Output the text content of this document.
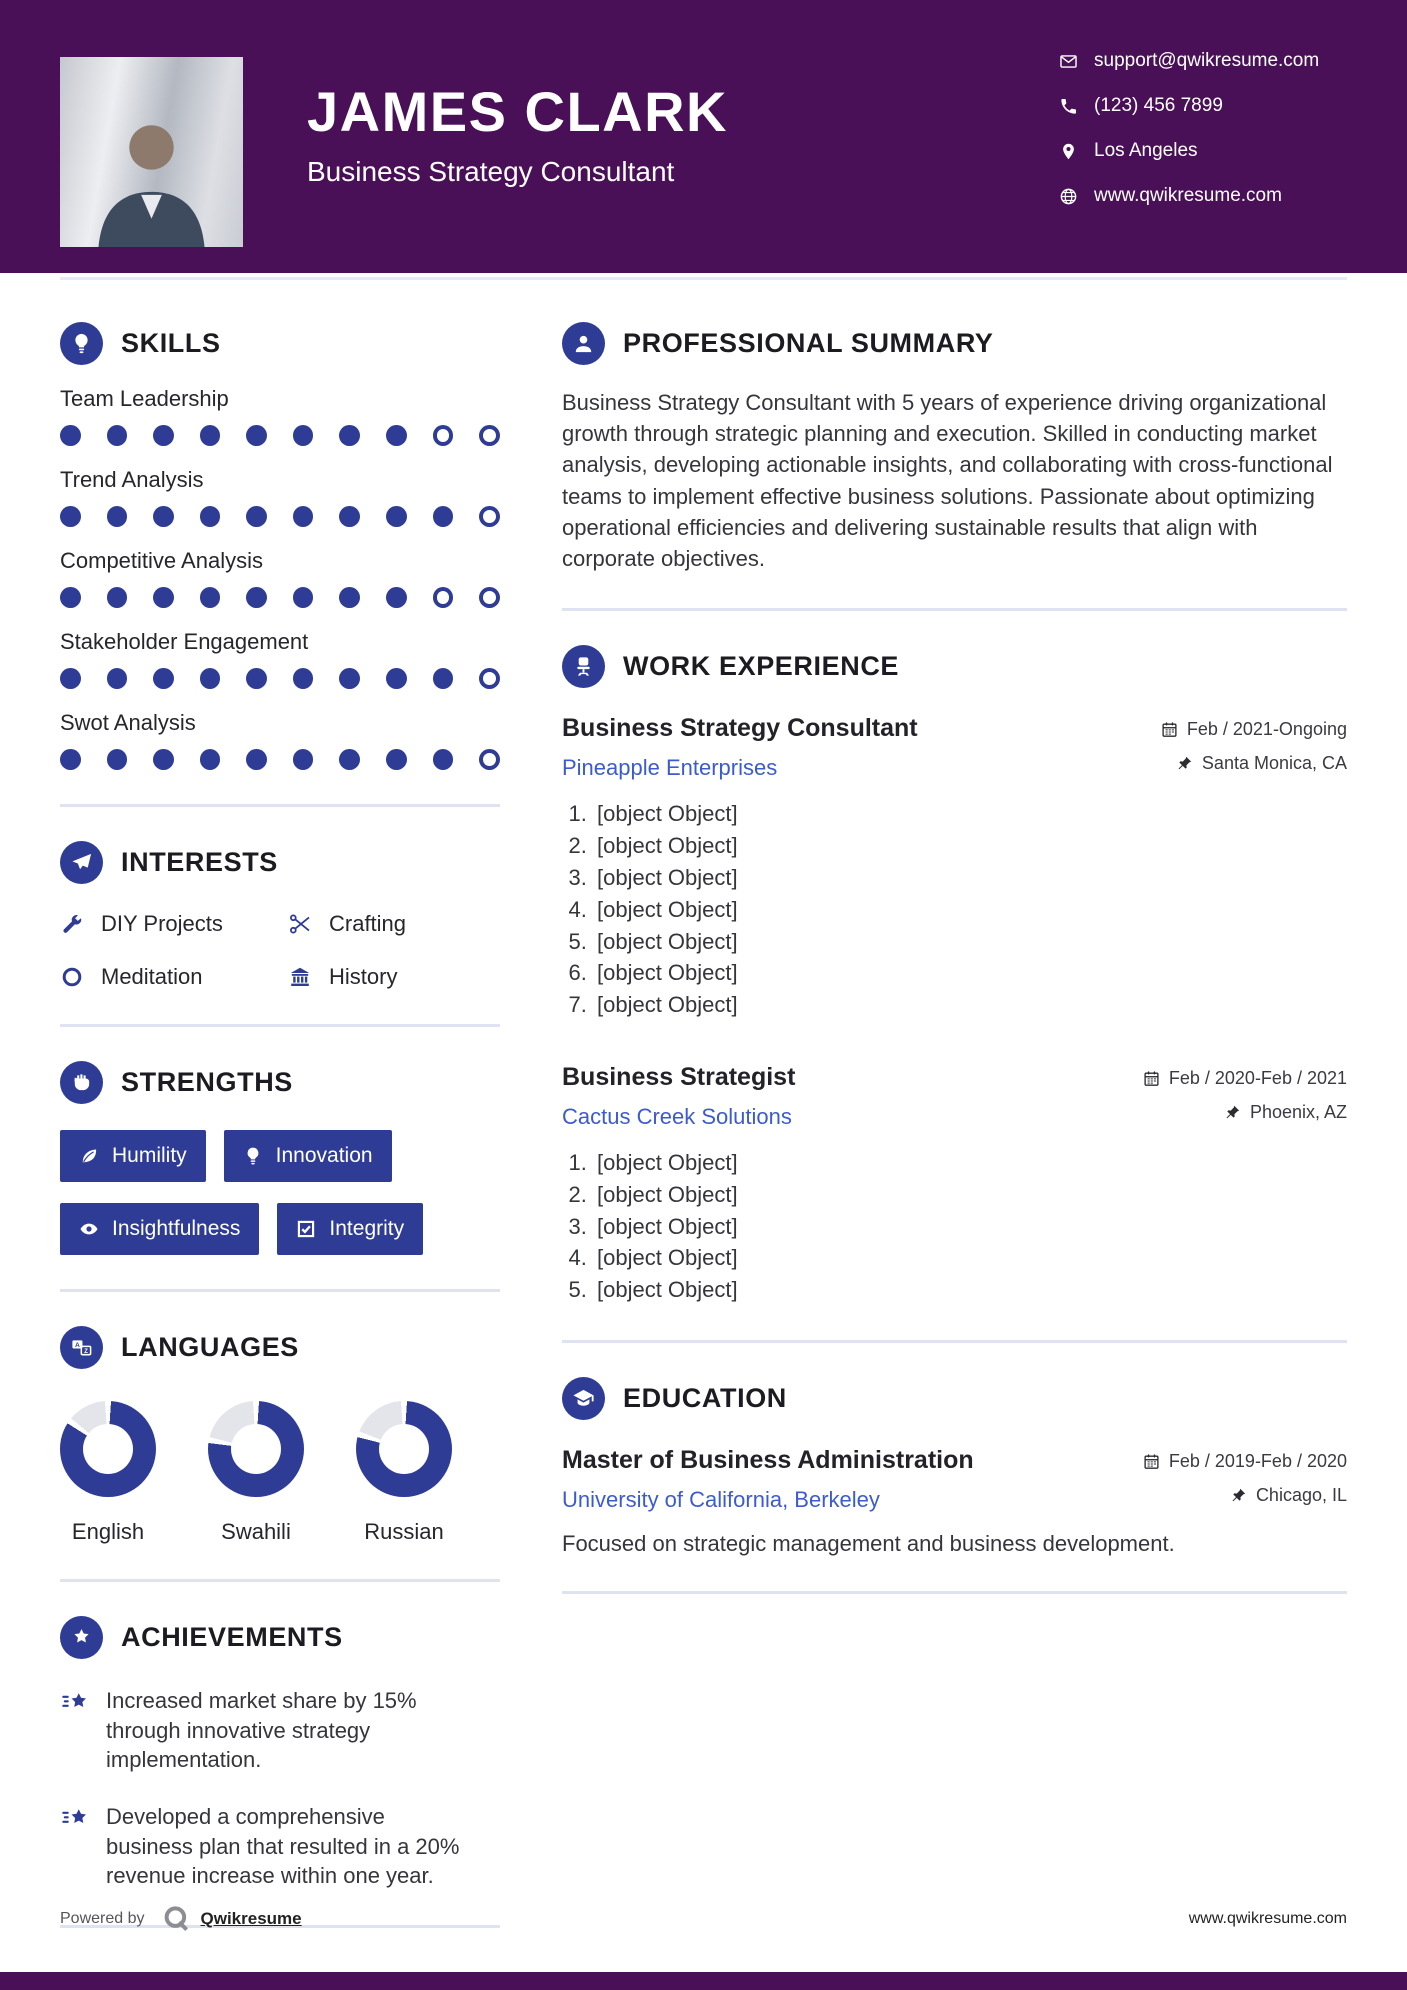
JAMES CLARK
Business Strategy Consultant
support@qwikresume.com
(123) 456 7899
Los Angeles
www.qwikresume.com
SKILLS
Team Leadership
Trend Analysis
Competitive Analysis
Stakeholder Engagement
Swot Analysis
INTERESTS
DIY Projects	Crafting
Meditation	History
STRENGTHS
Humility	Innovation
Insightfulness	Integrity
LANGUAGES
English	Swahili	Russian
ACHIEVEMENTS
Increased market share by 15% through innovative strategy implementation.
Developed a comprehensive business plan that resulted in a 20% revenue increase within one year.
PROFESSIONAL SUMMARY

Business Strategy Consultant with 5 years of experience driving organizational growth through strategic planning and execution. Skilled in conducting market analysis, developing actionable insights, and collaborating with cross-functional teams to implement effective business solutions. Passionate about optimizing operational efficiencies and delivering sustainable results that align with corporate objectives.

WORK EXPERIENCE
Business Strategy Consultant
Pineapple Enterprises
Feb / 2021-Ongoing
Santa Monica, CA
1. [object Object]
2. [object Object]
3. [object Object]
4. [object Object]
5. [object Object]
6. [object Object]
7. [object Object]
Business Strategist
Cactus Creek Solutions
Feb / 2020-Feb / 2021
Phoenix, AZ
1. [object Object]
2. [object Object]
3. [object Object]
4. [object Object]
5. [object Object]
EDUCATION
Master of Business Administration
University of California, Berkeley
Feb / 2019-Feb / 2020
Chicago, IL
Focused on strategic management and business development.
Powered by	Qwikresume	www.qwikresume.com
